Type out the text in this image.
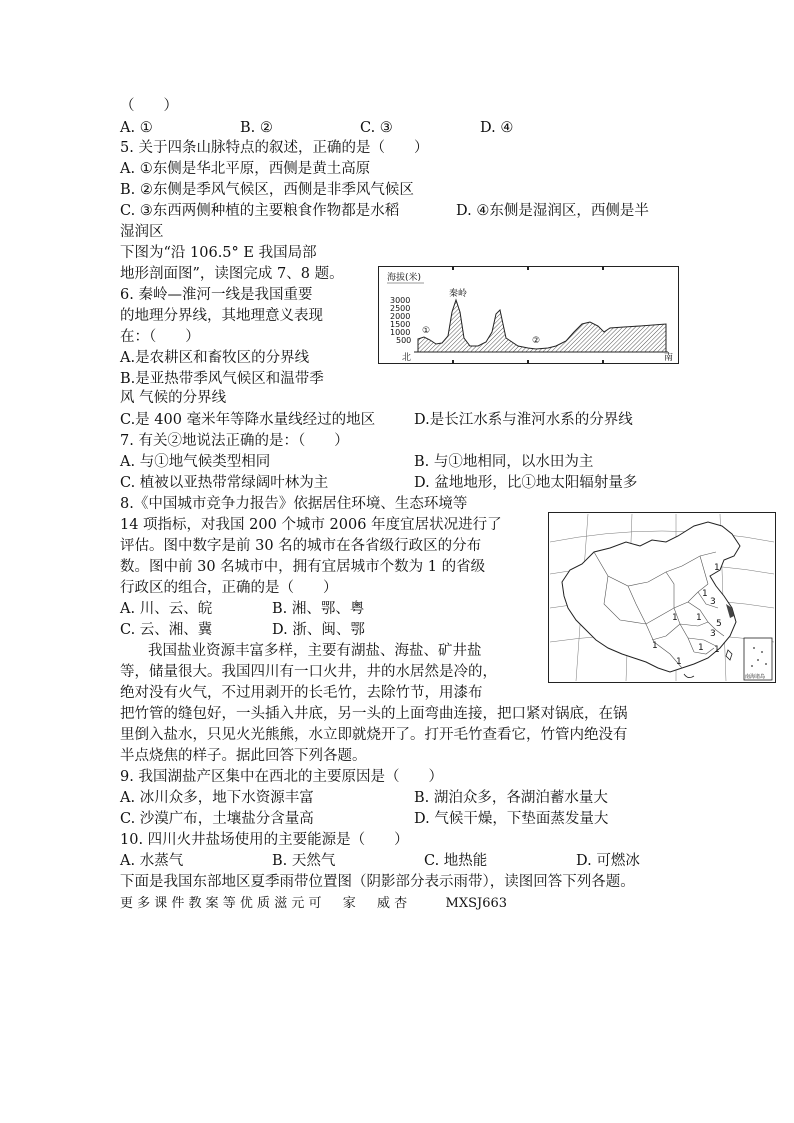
（　　）
A. ①	B. ②	C. ③	D. ④
5. 关于四条山脉特点的叙述，正确的是（　　）
A. ①东侧是华北平原，西侧是黄土高原
B. ②东侧是季风气候区，西侧是非季风气候区
C. ③东西两侧种植的主要粮食作物都是水稻	D. ④东侧是湿润区，西侧是半
湿润区
下图为“沿 106.5° E 我国局部
地形剖面图”，读图完成 7、8 题。	海拔(米)
3000
2500
2000
1500
1000
500
秦岭
①
②
北	南
6. 秦岭—淮河一线是我国重要
的地理分界线，其地理意义表现
在：（　　）
A.是农耕区和畜牧区的分界线
B.是亚热带季风气候区和温带季
风 气候的分界线
C.是 400 毫米年等降水量线经过的地区	D.是长江水系与淮河水系的分界线
7. 有关②地说法正确的是：（　　）
A. 与①地气候类型相同	B. 与①地相同，以水田为主
C. 植被以亚热带常绿阔叶林为主	D. 盆地地形，比①地太阳辐射量多
8.《中国城市竞争力报告》依据居住环境、生态环境等
14 项指标，对我国 200 个城市 2006 年度宜居状况进行了
评估。图中数字是前 30 名的城市在各省级行政区的分布
数。图中前 30 名城市中，拥有宜居城市个数为 1 的省级
行政区的组合，正确的是（　　）
A. 川、云、皖	B. 湘、鄂、粤
C. 云、湘、冀	D. 浙、闽、鄂
1
1
3
1 1
5
3
1	1 1
1
南海诸岛
我国盐业资源丰富多样，主要有湖盐、海盐、矿井盐
等，储量很大。我国四川有一口火井，井的水居然是冷的，
绝对没有火气，不过用剥开的长毛竹，去除竹节，用漆布
把竹管的缝包好，一头插入井底，另一头的上面弯曲连接，把口紧对锅底，在锅
里倒入盐水，只见火光熊熊，水立即就烧开了。打开毛竹查看它，竹管内绝没有
半点烧焦的样子。据此回答下列各题。
9. 我国湖盐产区集中在西北的主要原因是（　　）
A. 冰川众多，地下水资源丰富	B. 湖泊众多，各湖泊蓄水量大
C. 沙漠广布，土壤盐分含量高	D. 气候干燥，下垫面蒸发量大
10. 四川火井盐场使用的主要能源是（　　）
A. 水蒸气	B. 天然气	C. 地热能	D. 可燃冰
下面是我国东部地区夏季雨带位置图（阴影部分表示雨带），读图回答下列各题。
更 多 课 件 教 案 等 优 质 滋 元 可 　 家 　 威 杏 　 　 MXSJ663
